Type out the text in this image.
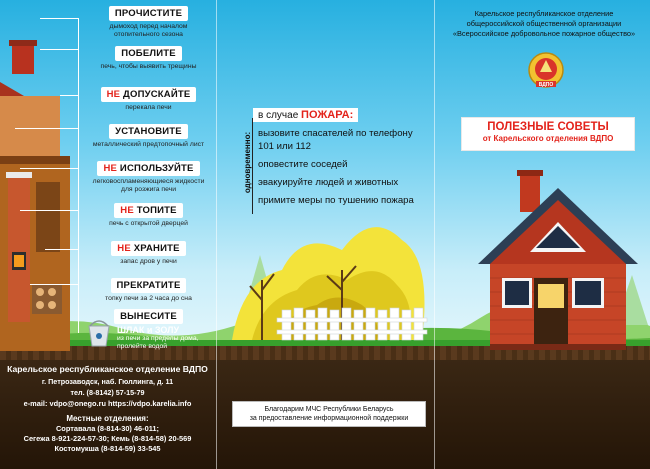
ПРОЧИСТИТЕ
дымоход перед началом отопительного сезона
ПОБЕЛИТЕ
печь, чтобы выявить трещины
НЕ ДОПУСКАЙТЕ
перекала печи
УСТАНОВИТЕ
металлический предтопочный лист
НЕ ИСПОЛЬЗУЙТЕ
легковоспламеняющиеся жидкости для розжига печи
НЕ ТОПИТЕ
печь с открытой дверцей
НЕ ХРАНИТЕ
запас дров у печи
ПРЕКРАТИТЕ
топку печи за 2 часа до сна
ВЫНЕСИТЕ
ШЛАК и ЗОЛУ
из печи за пределы дома, пролейте водой
Карельское республиканское отделение ВДПО
г. Петрозаводск, наб. Гюллинга, д. 11
тел. (8-8142) 57-15-79
e-mail: vdpo@onego.ru https://vdpo.karelia.info
Местные отделения:
Сортавала (8-814-30) 46-011;
Сегежа 8-921-224-57-30; Кемь (8-814-58) 20-569
Костомукша (8-814-59) 33-545
одновременно:
в случае ПОЖАРА:
вызовите спасателей по телефону
101 или 112
оповестите соседей
эвакуируйте людей и животных
примите меры по тушению пожара
Благодарим МЧС Республики Беларусь
за предоставление информационной поддержки
Карельское республиканское отделение
общероссийской общественной организации
«Всероссийское добровольное пожарное общество»
ВДПО
ПОЛЕЗНЫЕ СОВЕТЫ
от Карельского отделения ВДПО
